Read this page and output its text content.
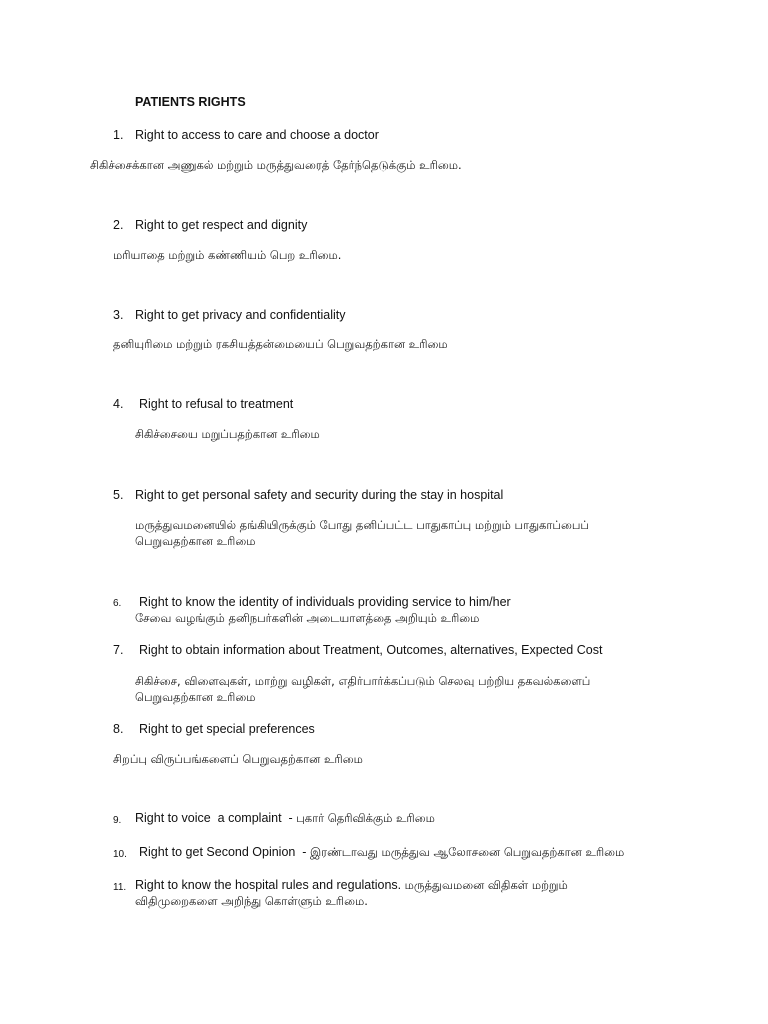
PATIENTS RIGHTS
1. Right to access to care and choose a doctor
சிகிச்சைக்கான அணுகல் மற்றும் மருத்துவரைத் தேர்ந்தெடுக்கும் உரிமை.
2. Right to get respect and dignity
மரியாதை மற்றும் கண்ணியம் பெற உரிமை.
3. Right to get privacy and confidentiality
தனியுரிமை மற்றும் ரகசியத்தன்மையைப் பெறுவதற்கான உரிமை
4. Right to refusal to treatment
சிகிச்சையை மறுப்பதற்கான உரிமை
5. Right to get personal safety and security during the stay in hospital
மருத்துவமனையில் தங்கியிருக்கும் போது தனிப்பட்ட பாதுகாப்பு மற்றும் பாதுகாப்பைப்
பெறுவதற்கான உரிமை
6. Right to know the identity of individuals providing service to him/her
சேவை வழங்கும் தனிநபர்களின் அடையாளத்தை அறியும் உரிமை
7. Right to obtain information about Treatment, Outcomes, alternatives, Expected Cost
சிகிச்சை, விளைவுகள், மாற்று வழிகள், எதிர்பார்க்கப்படும் செலவு பற்றிய தகவல்களைப்
பெறுவதற்கான உரிமை
8. Right to get special preferences
சிறப்பு விருப்பங்களைப் பெறுவதற்கான உரிமை
9. Right to voice  a complaint  - புகார் தெரிவிக்கும் உரிமை
10. Right to get Second Opinion  - இரண்டாவது மருத்துவ ஆலோசனை பெறுவதற்கான உரிமை
11. Right to know the hospital rules and regulations. மருத்துவமனை விதிகள் மற்றும்
விதிமுறைகளை அறிந்து கொள்ளும் உரிமை.
